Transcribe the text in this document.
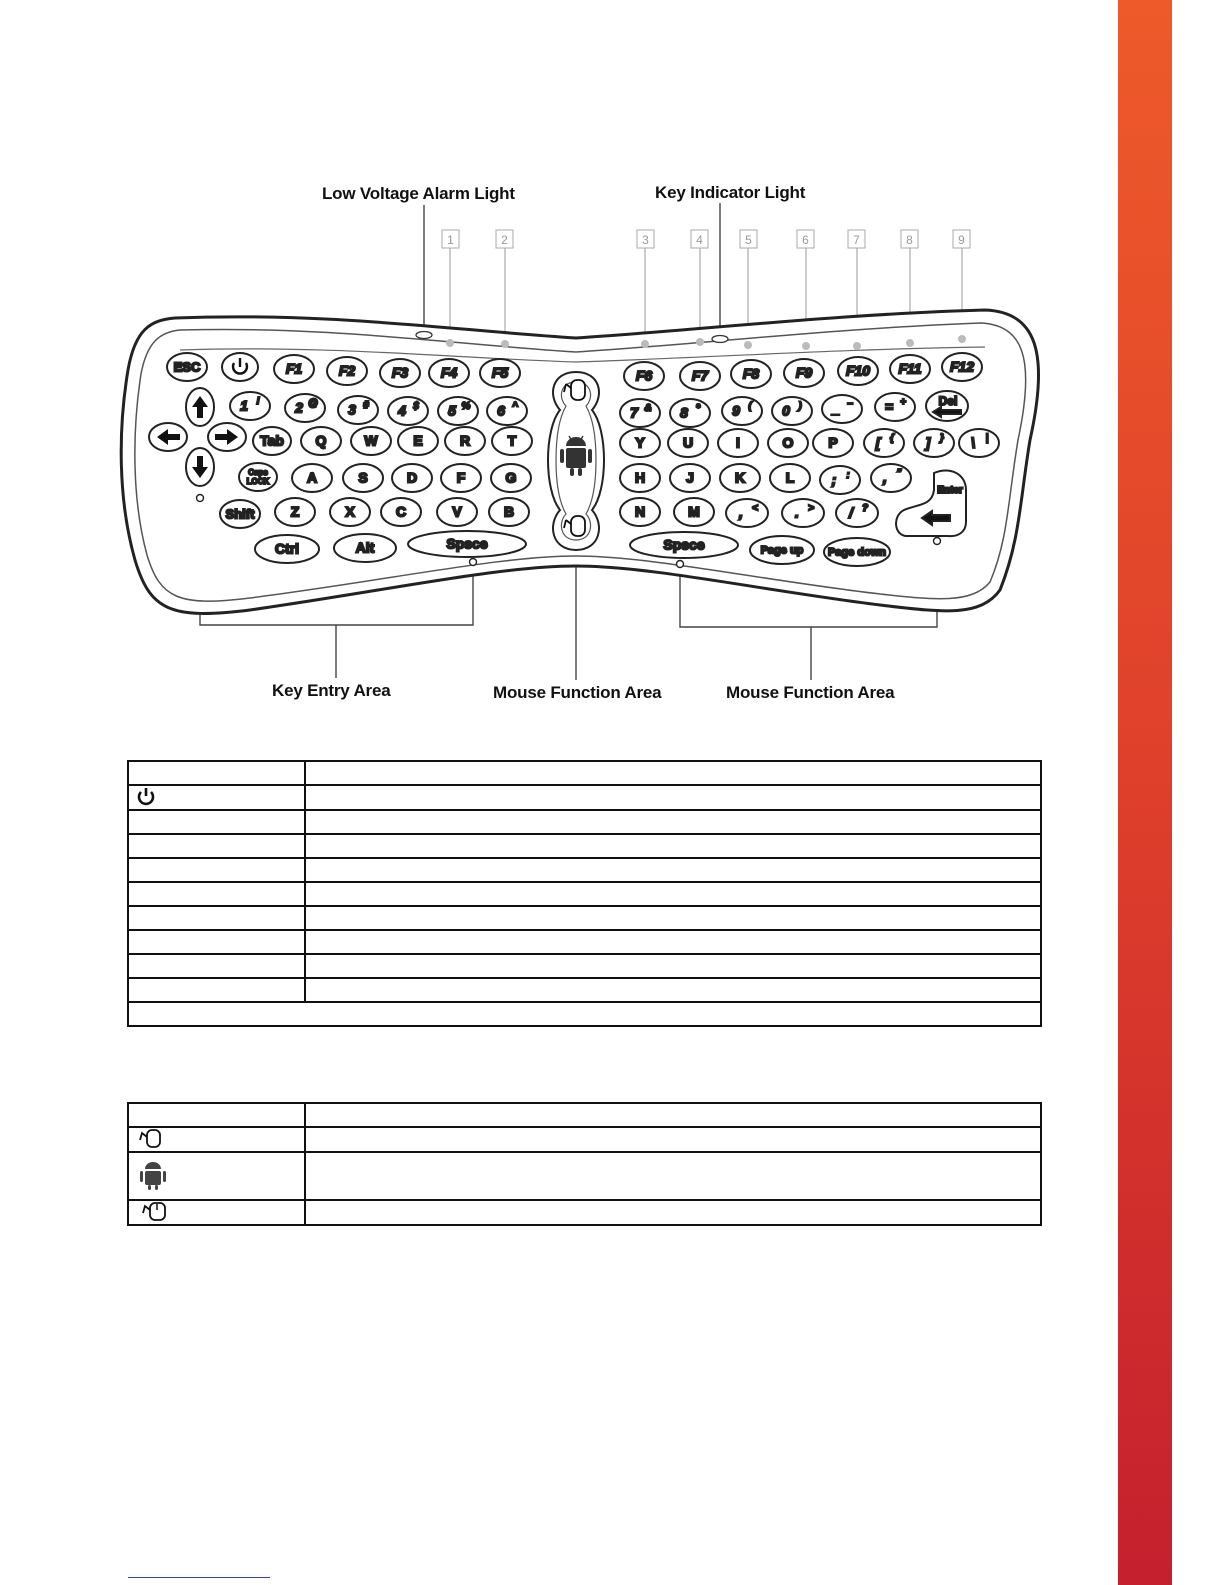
Low Voltage Alarm Light	Key Indicator Light
Key Entry Area	Mouse Function Area	Mouse Function Area
1	2	3	4	5	6	7	8	9
ESC	F1	F2	F3 F4 F5	F6	F7 F8	F9 F10 F11 F12
1 !	2 @ 3 # 4 $ 5 % 6 ^	7 & 8 * 9 ( 0 ) _ − = +	Del
Tab Q	W	E	R	T	Y	U	I	O P	[ { ] } \ ¦
Caps
LOCK	A	S	D	F	G	H	J	K	L	; : , ”
Shift	Z	X	C	V	B	N	M	, <	. >	/ ?
Enter
Ctrl	Alt	Spsce	Spsce	Page up Page down
